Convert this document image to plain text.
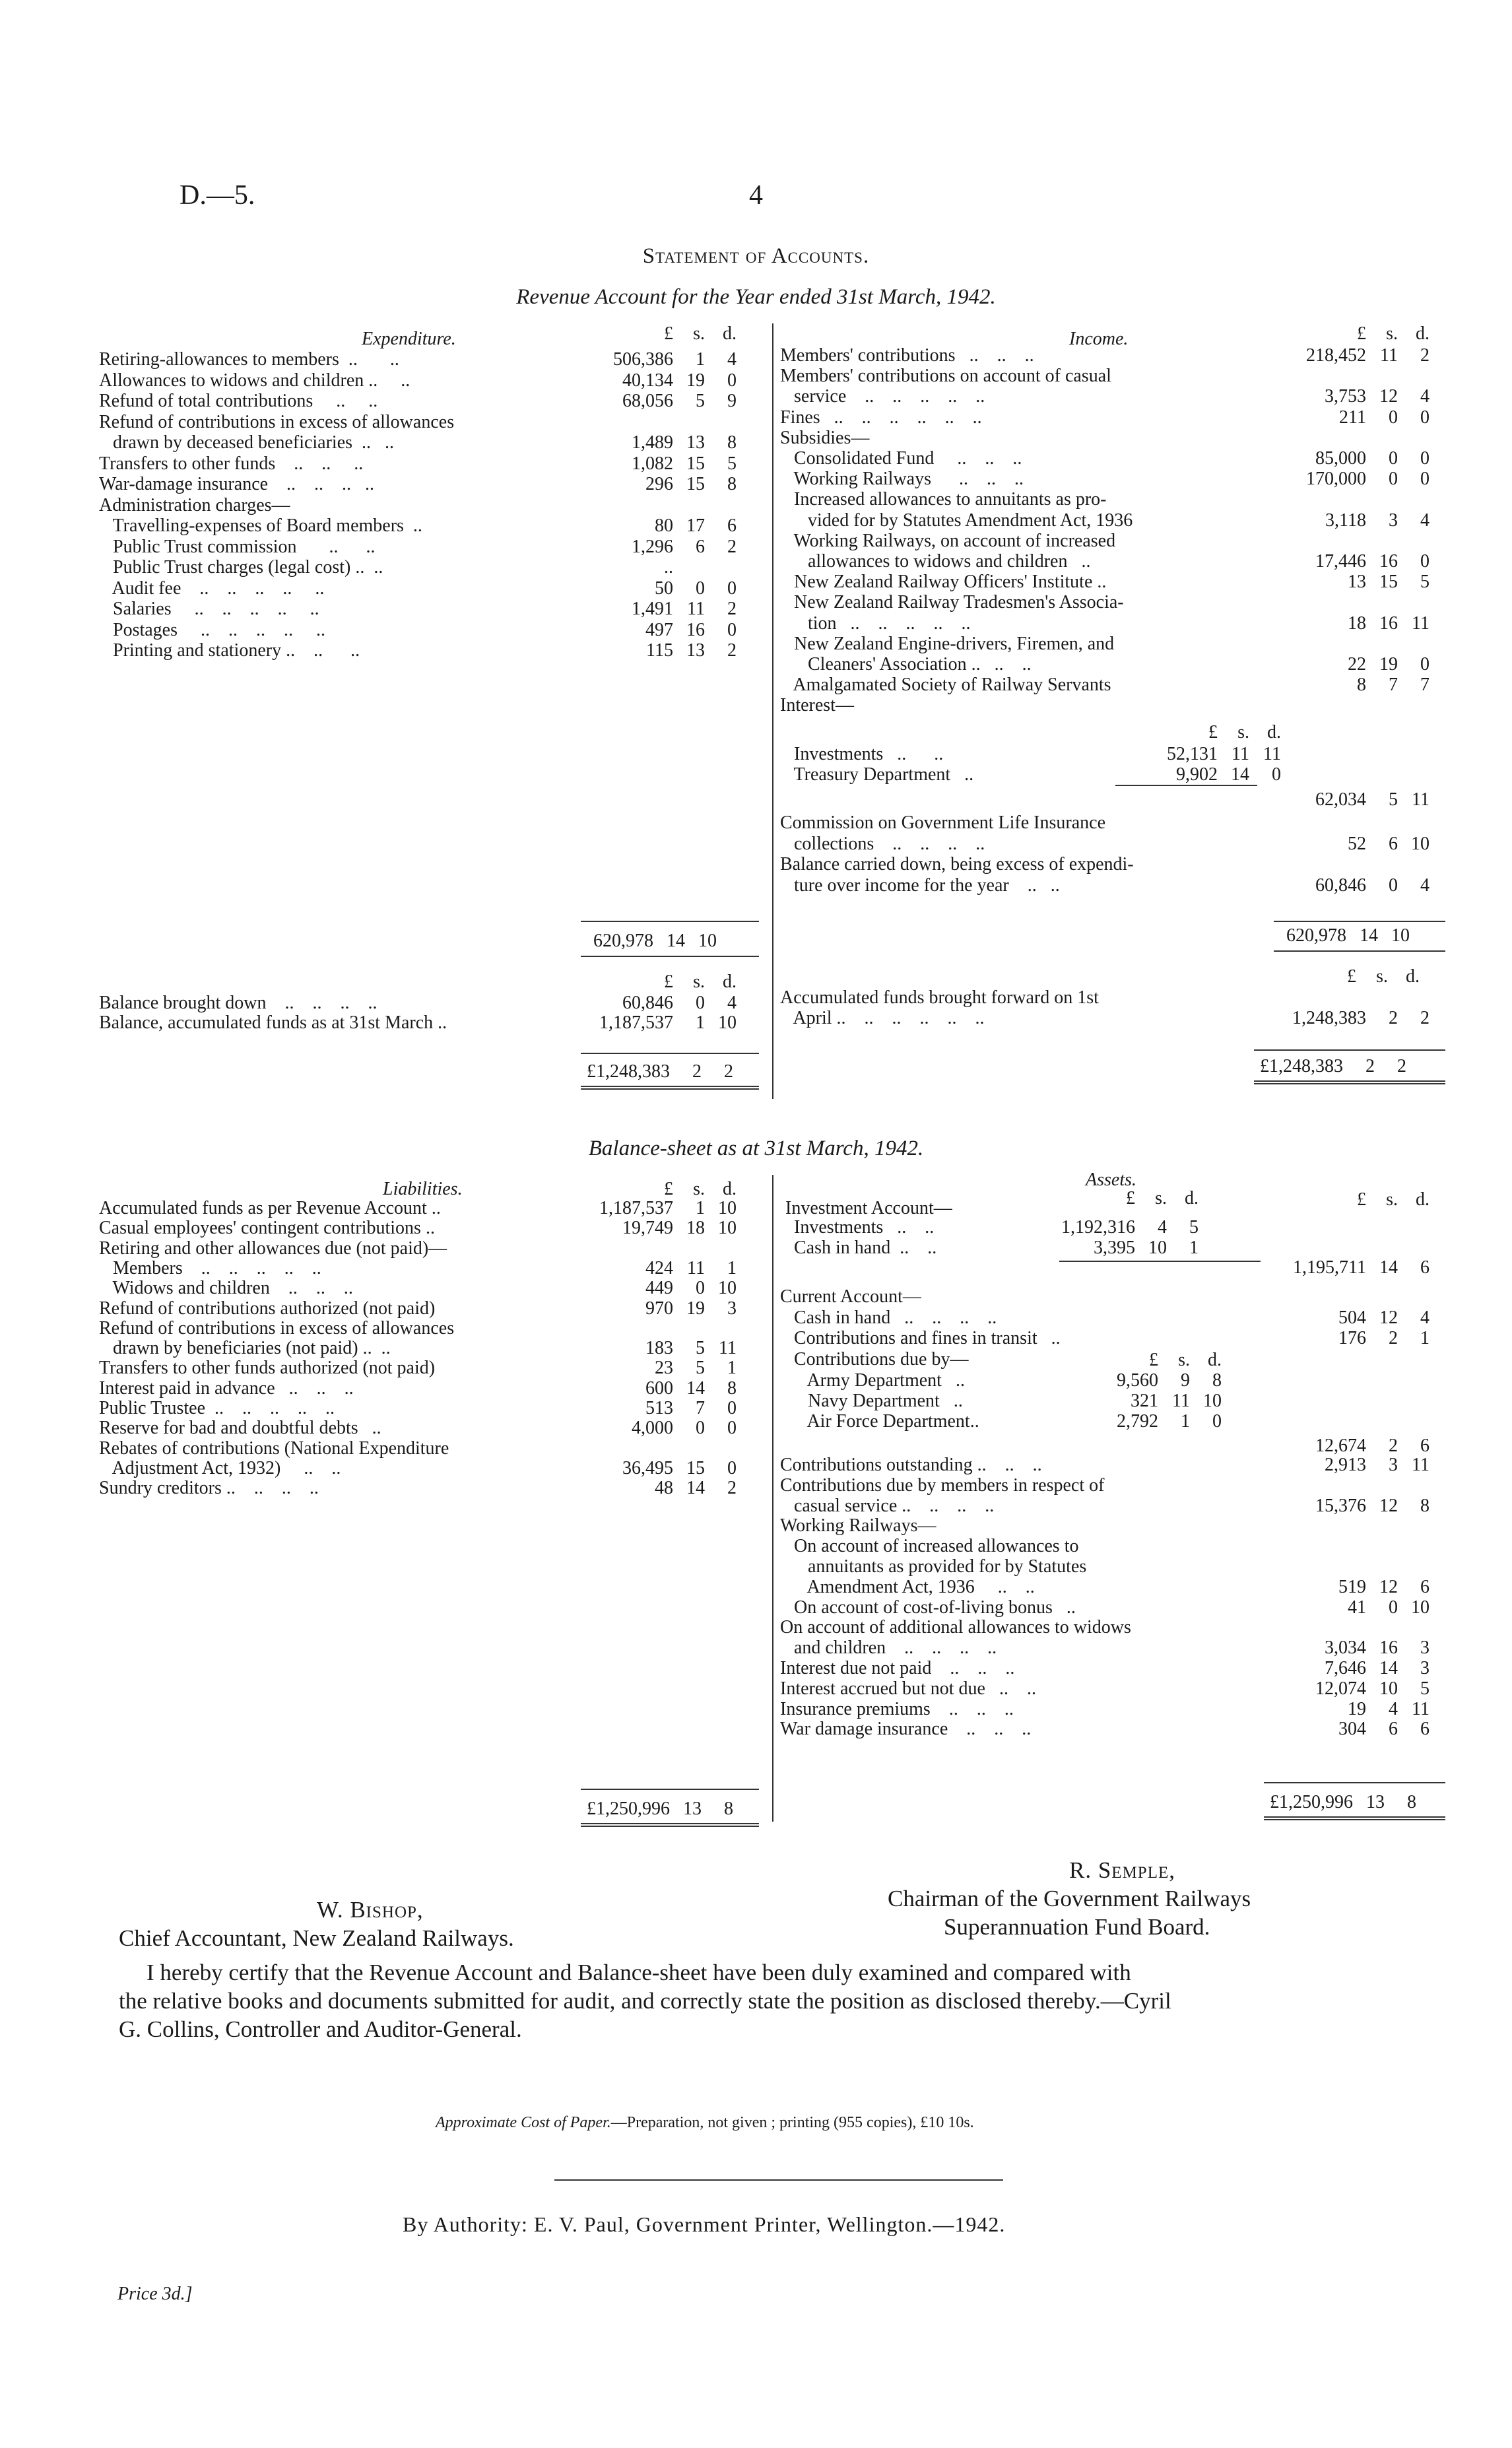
D.—5.	4
Statement of Accounts.
Revenue Account for the Year ended 31st March, 1942.
Expenditure.	£	s. d.	Income.	£	s. d.
Retiring-allowances to members  ..       ..	506,386	1	4
Allowances to widows and children ..     ..	40,134 19	0
Refund of total contributions     ..     ..	68,056	5	9
Refund of contributions in excess of allowances
drawn by deceased beneficiaries  ..   ..	1,489 13	8
Transfers to other funds    ..    ..     ..	1,082 15	5
War-damage insurance    ..    ..    ..   ..	296 15	8
Administration charges—
Travelling-expenses of Board members  ..	80 17	6
Public Trust commission       ..      ..	1,296	6	2
Public Trust charges (legal cost) ..  ..	..
Audit fee    ..    ..    ..    ..     ..	50	0	0
Salaries     ..    ..    ..    ..     ..	1,491 11	2
Postages     ..    ..    ..    ..     ..	497 16	0
Printing and stationery ..    ..      ..	115 13	2
Members' contributions   ..    ..    ..	218,452 11	2
Members' contributions on account of casual
service    ..    ..    ..    ..    ..	3,753 12	4
Fines   ..    ..    ..    ..    ..    ..	211	0	0
Subsidies—
Consolidated Fund     ..    ..    ..	85,000	0	0
Working Railways      ..    ..    ..	170,000	0	0
Increased allowances to annuitants as pro-
vided for by Statutes Amendment Act, 1936	3,118	3	4
Working Railways, on account of increased
allowances to widows and children   ..	17,446 16	0
New Zealand Railway Officers' Institute ..	13 15	5
New Zealand Railway Tradesmen's Associa-
tion   ..    ..    ..    ..    ..	18 16 11
New Zealand Engine-drivers, Firemen, and
Cleaners' Association ..   ..    ..	22 19	0
Amalgamated Society of Railway Servants	8	7	7
Interest—
£	s. d.
Investments   ..      ..	52,131 11 11
Treasury Department   ..	9,902 14	0
62,034	5 11
Commission on Government Life Insurance
collections    ..    ..    ..    ..	52	6 10
Balance carried down, being excess of expendi-
ture over income for the year    ..   ..	60,846	0	4
620,978 14 10	620,978 14 10
£	s. d.	£	s. d.
Balance brought down    ..    ..    ..    ..	60,846	0	4
Balance, accumulated funds as at 31st March ..	1,187,537	1 10
Accumulated funds brought forward on 1st
April ..    ..    ..    ..    ..    ..	1,248,383	2	2
£1,248,383	2	2	£1,248,383	2	2
Balance-sheet as at 31st March, 1942.
Liabilities.	£	s. d.	Assets.
£	s. d.
£	s. d.
Accumulated funds as per Revenue Account ..	1,187,537	1 10
Casual employees' contingent contributions ..	19,749 18 10
Retiring and other allowances due (not paid)—
Members    ..    ..    ..    ..    ..	424 11	1
Widows and children    ..    ..    ..	449	0 10
Refund of contributions authorized (not paid)	970 19	3
Refund of contributions in excess of allowances
drawn by beneficiaries (not paid) ..  ..	183	5 11
Transfers to other funds authorized (not paid)	23	5	1
Interest paid in advance   ..    ..    ..	600 14	8
Public Trustee  ..    ..    ..    ..    ..	513	7	0
Reserve for bad and doubtful debts   ..	4,000	0	0
Rebates of contributions (National Expenditure
Adjustment Act, 1932)     ..    ..	36,495 15	0
Sundry creditors ..    ..    ..    ..	48 14	2
Investment Account—
Investments   ..    ..	1,192,316	4	5
Cash in hand  ..    ..	3,395 10	1
1,195,711 14	6
Current Account—
Cash in hand   ..    ..    ..    ..	504 12	4
Contributions and fines in transit   ..	176	2	1
Contributions due by—	£	s. d.
Army Department   ..	9,560	9	8
Navy Department   ..	321 11 10
Air Force Department..	2,792	1	0
12,674	2	6
Contributions outstanding ..    ..    ..	2,913	3 11
Contributions due by members in respect of
casual service ..    ..    ..    ..	15,376 12	8
Working Railways—
On account of increased allowances to
annuitants as provided for by Statutes
Amendment Act, 1936     ..    ..	519 12	6
On account of cost-of-living bonus   ..	41	0 10
On account of additional allowances to widows
and children    ..    ..    ..    ..	3,034 16	3
Interest due not paid    ..    ..    ..	7,646 14	3
Interest accrued but not due   ..    ..	12,074 10	5
Insurance premiums    ..    ..    ..	19	4 11
War damage insurance    ..    ..    ..	304	6	6
£1,250,996 13	8	£1,250,996 13	8
R. Semple,
Chairman of the Government Railways
Superannuation Fund Board.
W. Bishop,
Chief Accountant, New Zealand Railways.
I hereby certify that the Revenue Account and Balance-sheet have been duly examined and compared with
the relative books and documents submitted for audit, and correctly state the position as disclosed thereby.—Cyril
G. Collins, Controller and Auditor-General.
Approximate Cost of Paper.—Preparation, not given ; printing (955 copies), £10 10s.
By Authority: E. V. Paul, Government Printer, Wellington.—1942.
Price 3d.]
